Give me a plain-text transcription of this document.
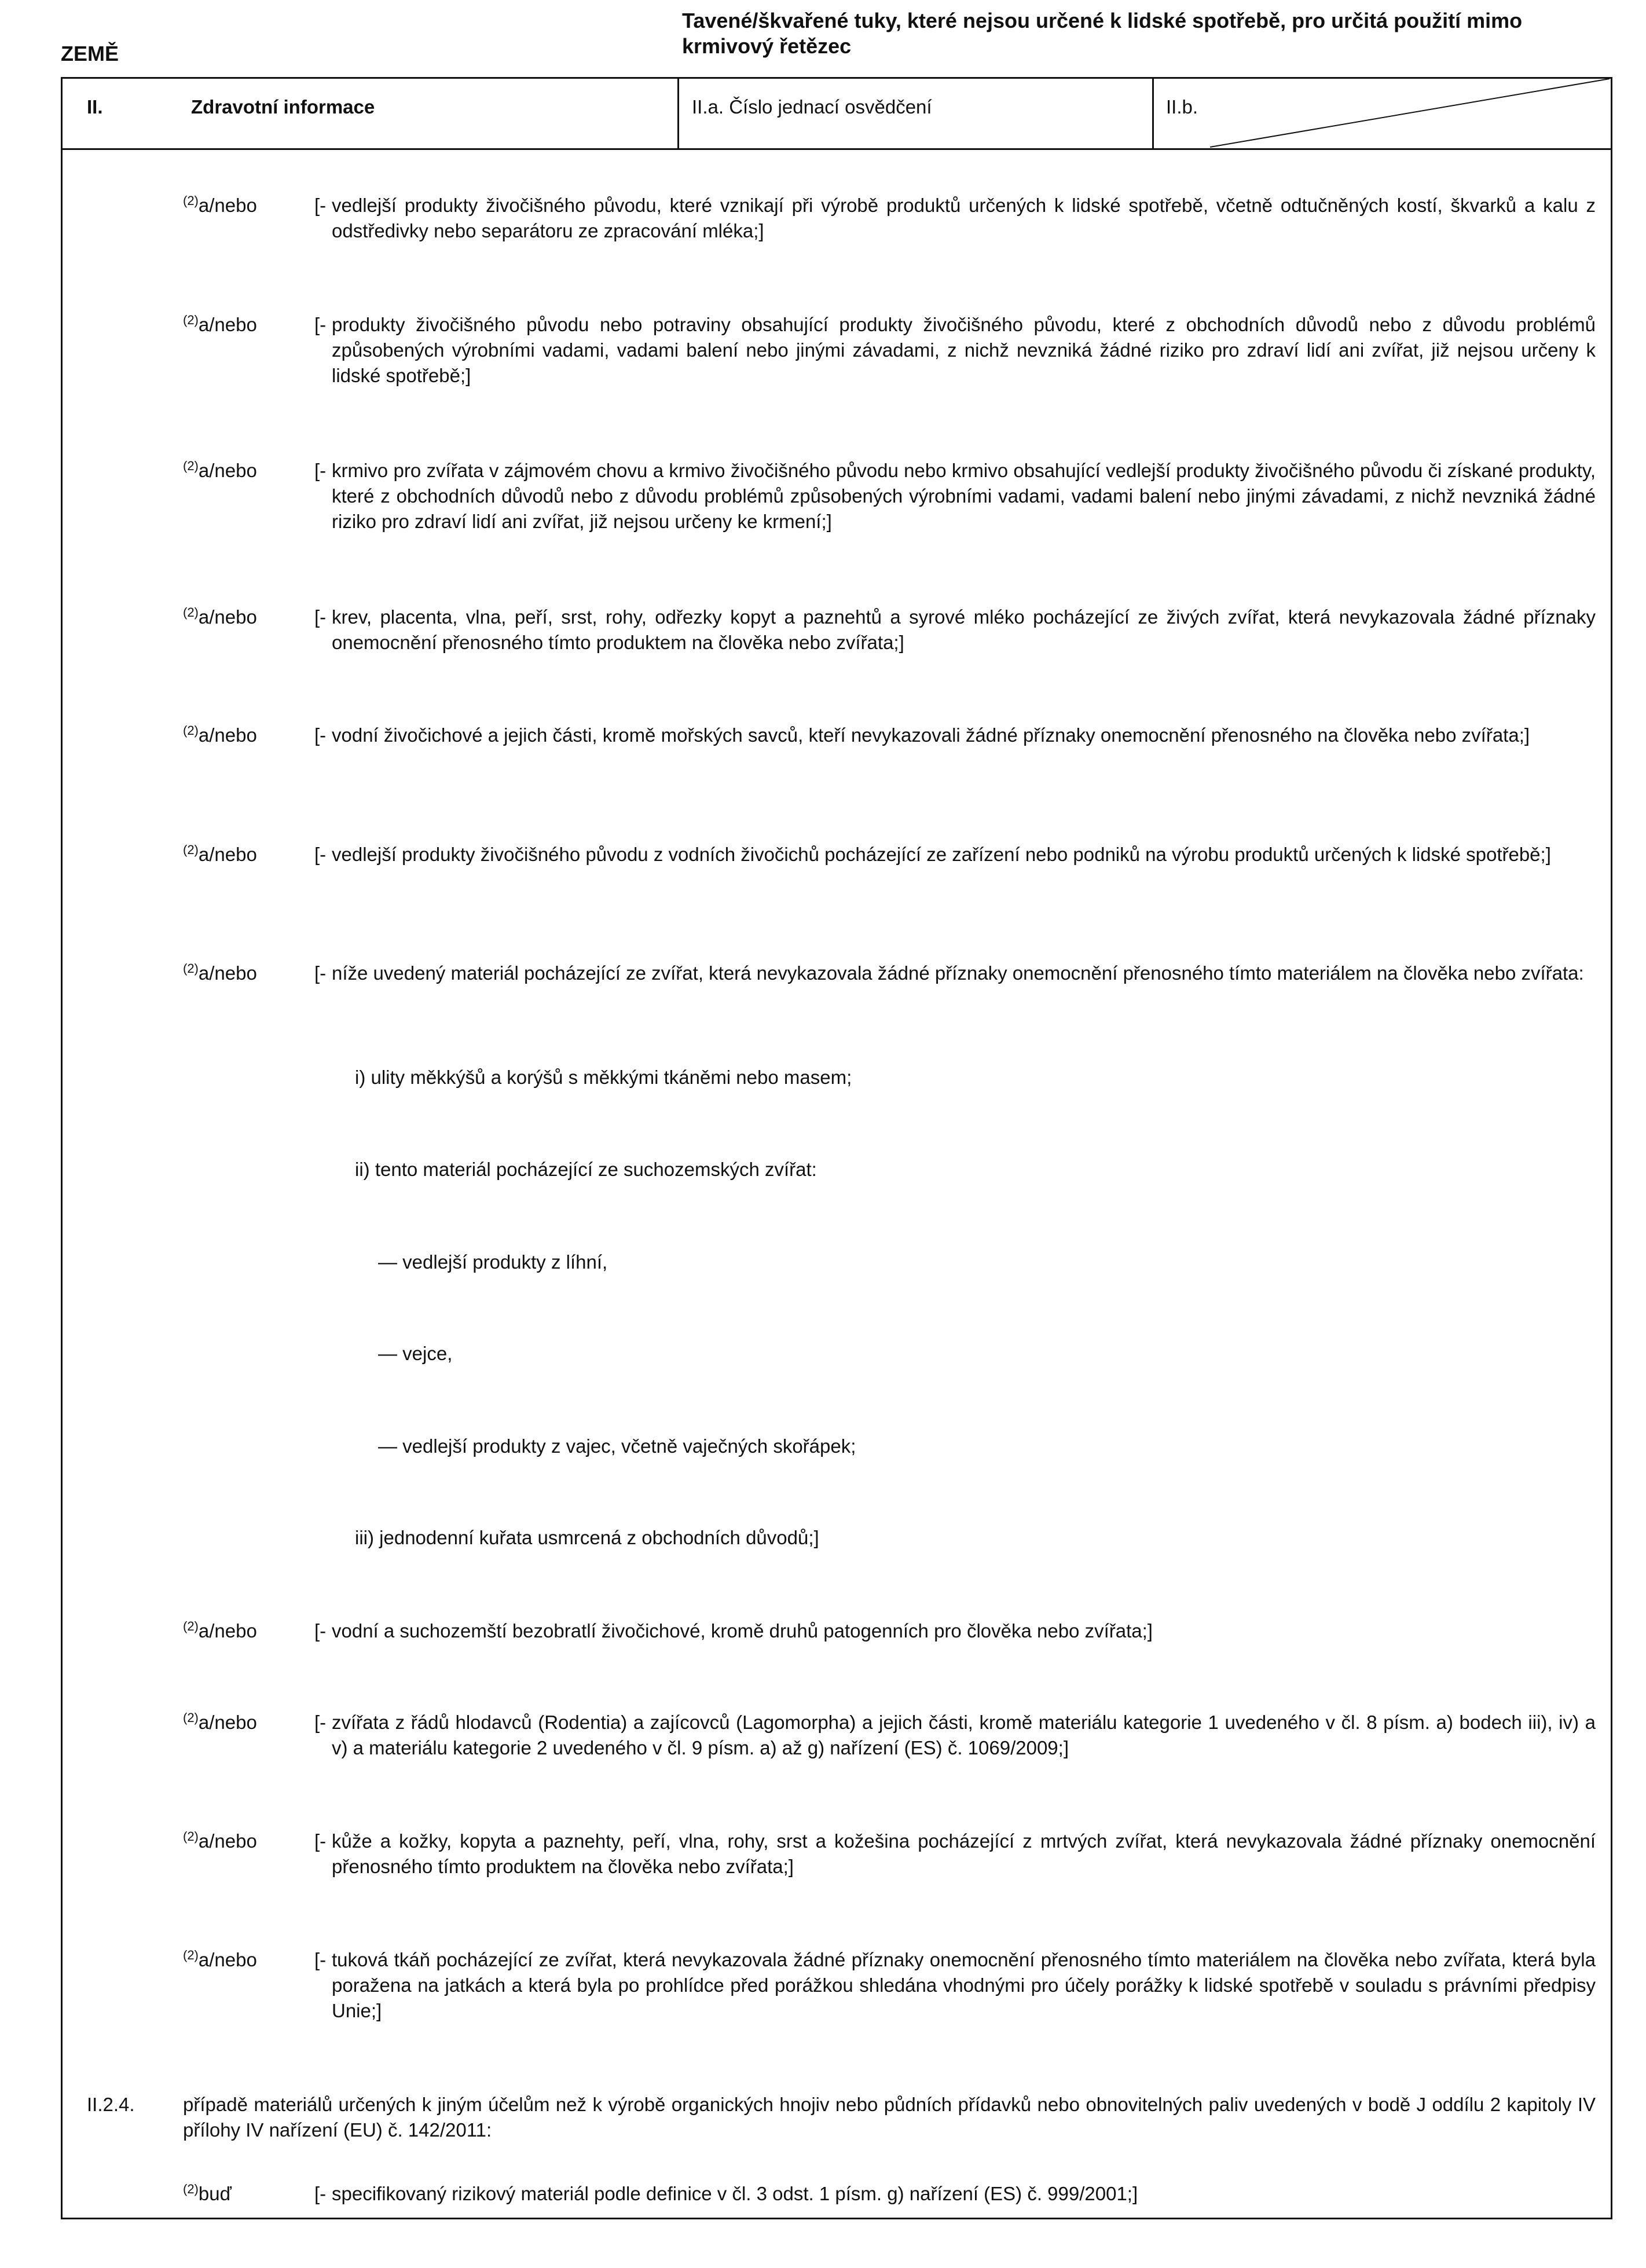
ZEMĚ
Tavené/škvařené tuky, které nejsou určené k lidské spotřebě, pro určitá použití mimo krmivový řetězec
II.	Zdravotní informace	II.a. Číslo jednací osvědčení	II.b.
$^{(2)}$a/nebo	[- vedlejší produkty živočišného původu, které vznikají při výrobě produktů určených k lidské spotřebě, včetně odtučněných kostí, škvarků a kalu z odstředivky nebo separátoru ze zpracování mléka;]
$^{(2)}$a/nebo	[- produkty živočišného původu nebo potraviny obsahující produkty živočišného původu, které z obchodních důvodů nebo z důvodu problémů způsobených výrobními vadami, vadami balení nebo jinými závadami, z nichž nevzniká žádné riziko pro zdraví lidí ani zvířat, již nejsou určeny k lidské spotřebě;]
$^{(2)}$a/nebo	[- krmivo pro zvířata v zájmovém chovu a krmivo živočišného původu nebo krmivo obsahující vedlejší produkty živočišného původu či získané produkty, které z obchodních důvodů nebo z důvodu problémů způsobených výrobními vadami, vadami balení nebo jinými závadami, z nichž nevzniká žádné riziko pro zdraví lidí ani zvířat, již nejsou určeny ke krmení;]
$^{(2)}$a/nebo	[- krev, placenta, vlna, peří, srst, rohy, odřezky kopyt a paznehtů a syrové mléko pocházející ze živých zvířat, která nevykazovala žádné příznaky onemocnění přenosného tímto produktem na člověka nebo zvířata;]
$^{(2)}$a/nebo	[- vodní živočichové a jejich části, kromě mořských savců, kteří nevykazovali žádné příznaky onemocnění přenosného na člověka nebo zvířata;]
$^{(2)}$a/nebo	[- vedlejší produkty živočišného původu z vodních živočichů pocházející ze zařízení nebo podniků na výrobu produktů určených k lidské spotřebě;]
$^{(2)}$a/nebo	[- níže uvedený materiál pocházející ze zvířat, která nevykazovala žádné příznaky onemocnění přenosného tímto materiálem na člověka nebo zvířata:
i) ulity měkkýšů a korýšů s měkkými tkáněmi nebo masem;
ii) tento materiál pocházející ze suchozemských zvířat:
— vedlejší produkty z líhní,
— vejce,
— vedlejší produkty z vajec, včetně vaječných skořápek;
iii) jednodenní kuřata usmrcená z obchodních důvodů;]
$^{(2)}$a/nebo	[- vodní a suchozemští bezobratlí živočichové, kromě druhů patogenních pro člověka nebo zvířata;]
$^{(2)}$a/nebo	[- zvířata z řádů hlodavců (Rodentia) a zajícovců (Lagomorpha) a jejich části, kromě materiálu kategorie 1 uvedeného v čl. 8 písm. a) bodech iii), iv) a v) a materiálu kategorie 2 uvedeného v čl. 9 písm. a) až g) nařízení (ES) č. 1069/2009;]
$^{(2)}$a/nebo	[- kůže a kožky, kopyta a paznehty, peří, vlna, rohy, srst a kožešina pocházející z mrtvých zvířat, která nevykazovala žádné příznaky onemocnění přenosného tímto produktem na člověka nebo zvířata;]
$^{(2)}$a/nebo	[- tuková tkáň pocházející ze zvířat, která nevykazovala žádné příznaky onemocnění přenosného tímto materiálem na člověka nebo zvířata, která byla poražena na jatkách a která byla po prohlídce před porážkou shledána vhodnými pro účely porážky k lidské spotřebě v souladu s právními předpisy Unie;]
II.2.4.	případě materiálů určených k jiným účelům než k výrobě organických hnojiv nebo půdních přídavků nebo obnovitelných paliv uvedených v bodě J oddílu 2 kapitoly IV přílohy IV nařízení (EU) č. 142/2011:
$^{(2)}$buď	[- specifikovaný rizikový materiál podle definice v čl. 3 odst. 1 písm. g) nařízení (ES) č. 999/2001;]
